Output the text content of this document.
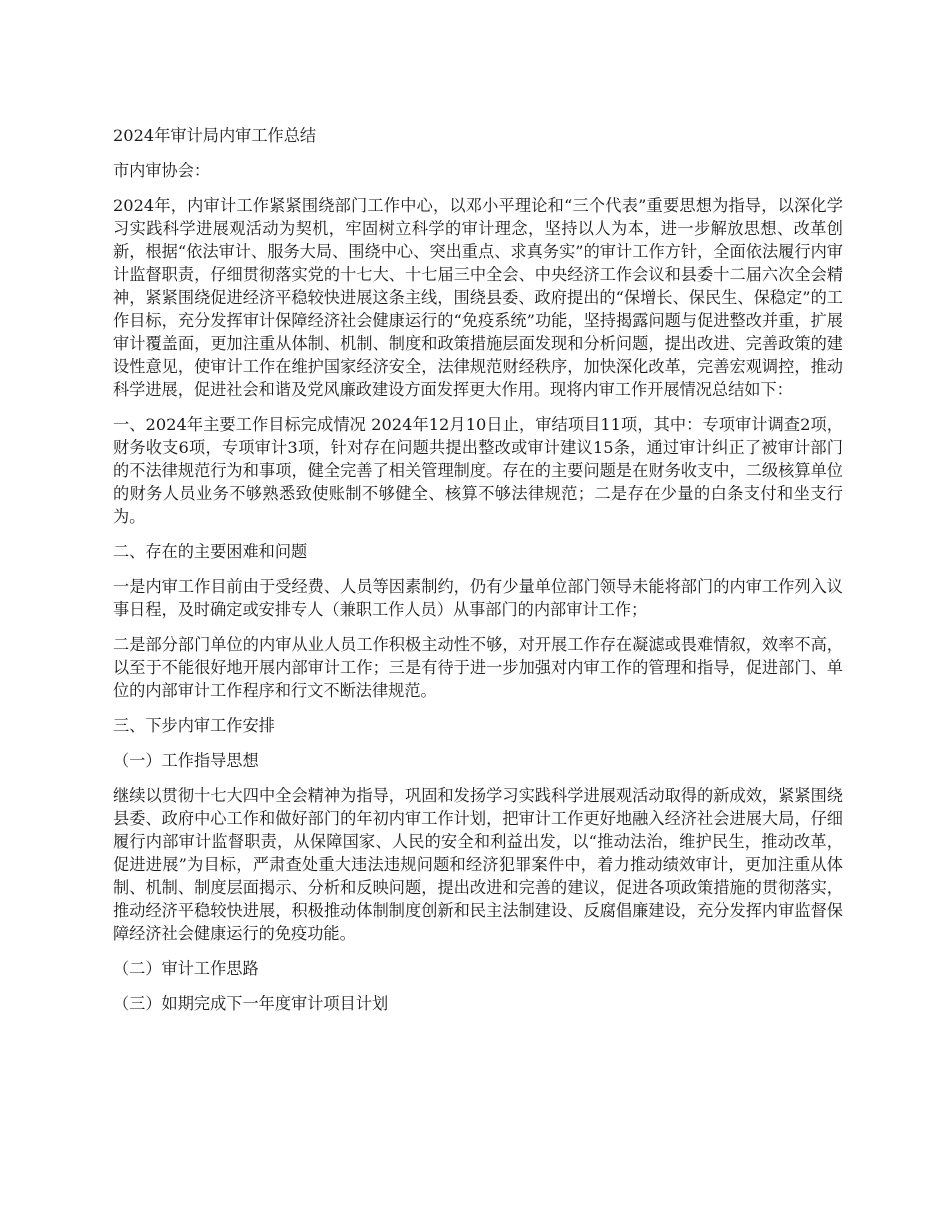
2024年审计局内审工作总结

市内审协会：

2024年，内审计工作紧紧围绕部门工作中心，以邓小平理论和“三个代表”重要思想为指导，以深化学习实践科学进展观活动为契机，牢固树立科学的审计理念，坚持以人为本，进一步解放思想、改革创新，根据“依法审计、服务大局、围绕中心、突出重点、求真务实”的审计工作方针，全面依法履行内审计监督职责，仔细贯彻落实党的十七大、十七届三中全会、中央经济工作会议和县委十二届六次全会精神，紧紧围绕促进经济平稳较快进展这条主线，围绕县委、政府提出的“保增长、保民生、保稳定”的工作目标，充分发挥审计保障经济社会健康运行的“免疫系统”功能，坚持揭露问题与促进整改并重，扩展审计覆盖面，更加注重从体制、机制、制度和政策措施层面发现和分析问题，提出改进、完善政策的建设性意见，使审计工作在维护国家经济安全，法律规范财经秩序，加快深化改革，完善宏观调控，推动科学进展，促进社会和谐及党风廉政建设方面发挥更大作用。现将内审工作开展情况总结如下：

一、2024年主要工作目标完成情况 2024年12月10日止，审结项目11项，其中：专项审计调查2项，财务收支6项，专项审计3项，针对存在问题共提出整改或审计建议15条，通过审计纠正了被审计部门的不法律规范行为和事项，健全完善了相关管理制度。存在的主要问题是在财务收支中，二级核算单位的财务人员业务不够熟悉致使账制不够健全、核算不够法律规范；二是存在少量的白条支付和坐支行为。

二、存在的主要困难和问题

一是内审工作目前由于受经费、人员等因素制约，仍有少量单位部门领导未能将部门的内审工作列入议事日程，及时确定或安排专人（兼职工作人员）从事部门的内部审计工作；

二是部分部门单位的内审从业人员工作积极主动性不够，对开展工作存在凝滤或畏难情叙，效率不高，以至于不能很好地开展内部审计工作；三是有待于进一步加强对内审工作的管理和指导，促进部门、单位的内部审计工作程序和行文不断法律规范。

三、下步内审工作安排

（一）工作指导思想

继续以贯彻十七大四中全会精神为指导，巩固和发扬学习实践科学进展观活动取得的新成效，紧紧围绕县委、政府中心工作和做好部门的年初内审工作计划，把审计工作更好地融入经济社会进展大局，仔细履行内部审计监督职责，从保障国家、人民的安全和利益出发，以“推动法治，维护民生，推动改革，促进进展”为目标，严肃查处重大违法违规问题和经济犯罪案件中，着力推动绩效审计，更加注重从体制、机制、制度层面揭示、分析和反映问题，提出改进和完善的建议，促进各项政策措施的贯彻落实，推动经济平稳较快进展，积极推动体制制度创新和民主法制建设、反腐倡廉建设，充分发挥内审监督保障经济社会健康运行的免疫功能。

（二）审计工作思路

（三）如期完成下一年度审计项目计划
